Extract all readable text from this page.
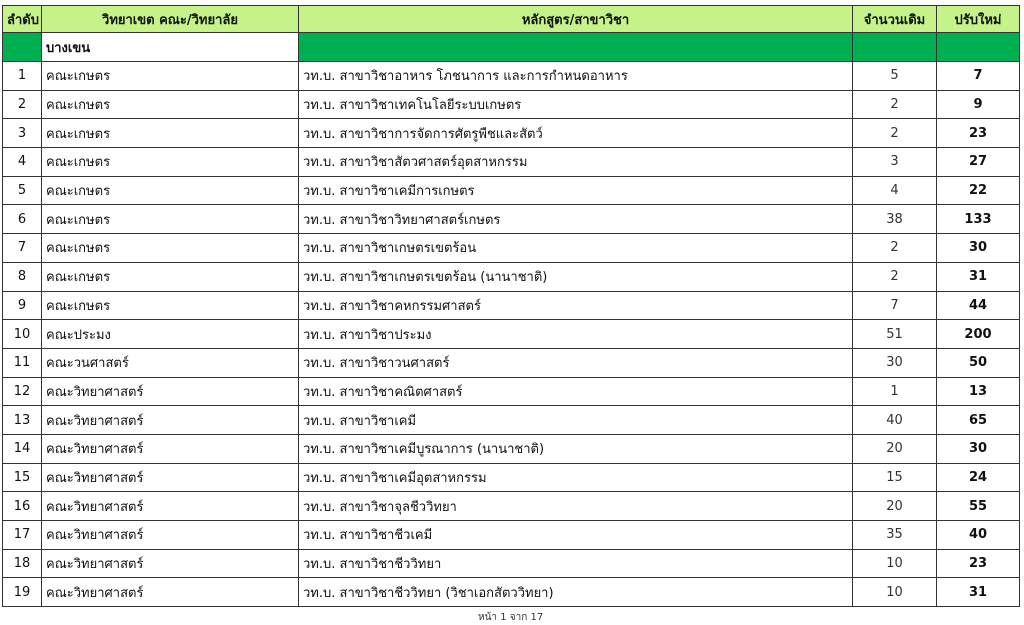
ลำดับ	วิทยาเขต คณะ/วิทยาลัย	หลักสูตร/สาขาวิชา	จำนวนเดิม	ปรับใหม่
	บางเขน			
1	คณะเกษตร	วท.บ. สาขาวิชาอาหาร โภชนาการ และการกำหนดอาหาร	5	7
2	คณะเกษตร	วท.บ. สาขาวิชาเทคโนโลยีระบบเกษตร	2	9
3	คณะเกษตร	วท.บ. สาขาวิชาการจัดการศัตรูพืชและสัตว์	2	23
4	คณะเกษตร	วท.บ. สาขาวิชาสัตวศาสตร์อุตสาหกรรม	3	27
5	คณะเกษตร	วท.บ. สาขาวิชาเคมีการเกษตร	4	22
6	คณะเกษตร	วท.บ. สาขาวิชาวิทยาศาสตร์เกษตร	38	133
7	คณะเกษตร	วท.บ. สาขาวิชาเกษตรเขตร้อน	2	30
8	คณะเกษตร	วท.บ. สาขาวิชาเกษตรเขตร้อน (นานาชาติ)	2	31
9	คณะเกษตร	วท.บ. สาขาวิชาคหกรรมศาสตร์	7	44
10	คณะประมง	วท.บ. สาขาวิชาประมง	51	200
11	คณะวนศาสตร์	วท.บ. สาขาวิชาวนศาสตร์	30	50
12	คณะวิทยาศาสตร์	วท.บ. สาขาวิชาคณิตศาสตร์	1	13
13	คณะวิทยาศาสตร์	วท.บ. สาขาวิชาเคมี	40	65
14	คณะวิทยาศาสตร์	วท.บ. สาขาวิชาเคมีบูรณาการ (นานาชาติ)	20	30
15	คณะวิทยาศาสตร์	วท.บ. สาขาวิชาเคมีอุตสาหกรรม	15	24
16	คณะวิทยาศาสตร์	วท.บ. สาขาวิชาจุลชีววิทยา	20	55
17	คณะวิทยาศาสตร์	วท.บ. สาขาวิชาชีวเคมี	35	40
18	คณะวิทยาศาสตร์	วท.บ. สาขาวิชาชีววิทยา	10	23
19	คณะวิทยาศาสตร์	วท.บ. สาขาวิชาชีววิทยา (วิชาเอกสัตววิทยา)	10	31
หน้า 1 จาก 17
